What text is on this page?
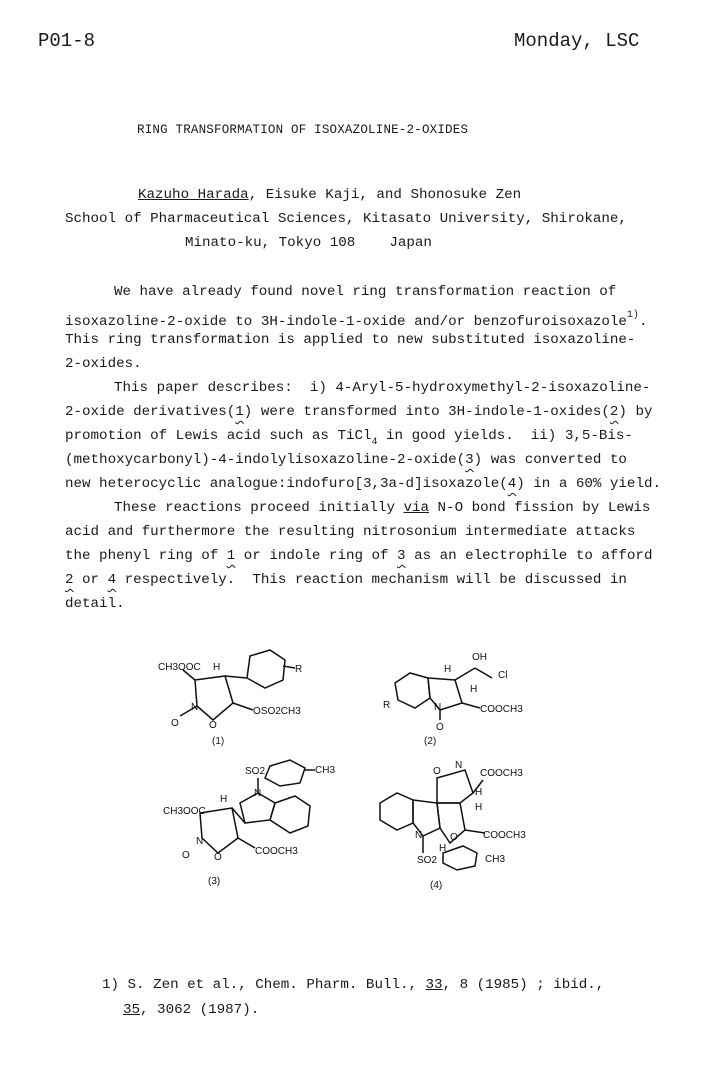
P01-8	Monday, LSC
RING TRANSFORMATION OF ISOXAZOLINE-2-OXIDES
Kazuho Harada, Eisuke Kaji, and Shonosuke Zen
School of Pharmaceutical Sciences, Kitasato University, Shirokane,
Minato-ku, Tokyo 108    Japan
We have already found novel ring transformation reaction of
isoxazoline-2-oxide to 3H-indole-1-oxide and/or benzofuroisoxazole$^{1)}$.
This ring transformation is applied to new substituted isoxazoline-
2-oxides.
This paper describes:  i) 4-Aryl-5-hydroxymethyl-2-isoxazoline-
2-oxide derivatives(1) were transformed into 3H-indole-1-oxides(2) by
promotion of Lewis acid such as TiCl$_4$ in good yields.  ii) 3,5-Bis-
(methoxycarbonyl)-4-indolylisoxazoline-2-oxide(3) was converted to
new heterocyclic analogue:indofuro[3,3a-d]isoxazole(4) in a 60% yield.
These reactions proceed initially via N-O bond fission by Lewis
acid and furthermore the resulting nitrosonium intermediate attacks
the phenyl ring of 1 or indole ring of 3 as an electrophile to afford
2 or 4 respectively.  This reaction mechanism will be discussed in
detail.
CH3OOC H	R
N
O	O
OSO2CH3
(1)
OH
Cl
H
H
R	N
O
COOCH3
(2)
SO2	CH3
N
CH3OOC
H
N
O O
COOCH3
(3)
O
N
COOCH3
H
H
N
H
O	COOCH3
SO2	CH3
(4)
1) S. Zen et al., Chem. Pharm. Bull., 33, 8 (1985) ; ibid.,
35, 3062 (1987).
